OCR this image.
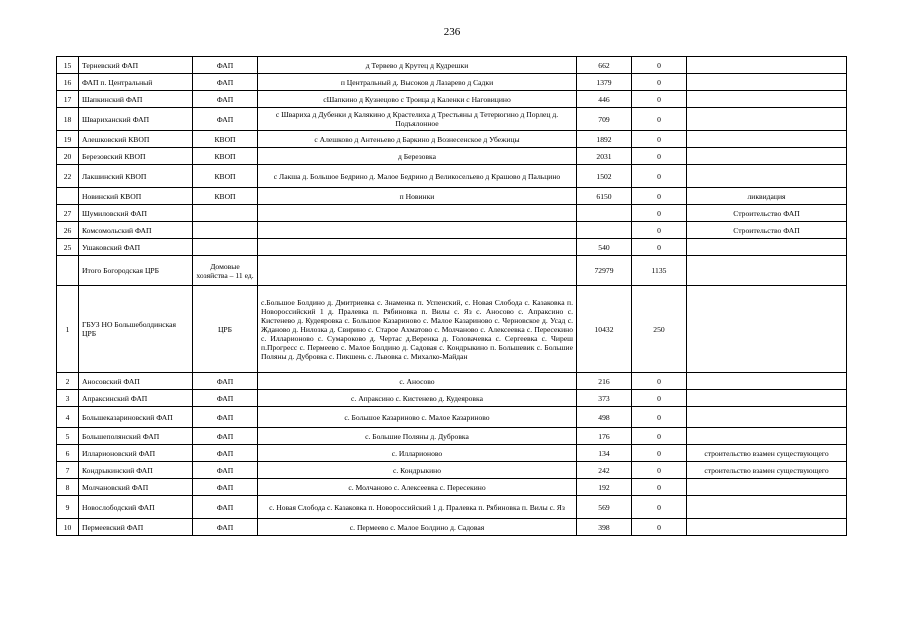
236
15	Терневский ФАП	ФАП	д Тервево д Крутец д Кудрешки	662	0	
16	ФАП п. Центральный	ФАП	п Центральный д. Высоков д Лазарево д Садки	1379	0	
17	Шапкинский ФАП	ФАП	сШапкино д Кузнецово с Троица д Каленки с Наговицино	446	0	
18	Швариханский ФАП	ФАП	с Швариха д Дубенки д Калякино д Крастелиха д Трестьяны д Тетерюгино д Порлец д. Подъялонное	709	0	
19	Алешковский КВОП	КВОП	с Алешково д Антеньево д Баркино д Вознесенское д Убежицы	1892	0	
20	Березовский КВОП	КВОП	д Березовка	2031	0	
22	Лакшинский КВОП	КВОП	с Лакша д. Большое Бедрино д. Малое Бедрино д Великосельево д Крашово д Пальцино	1502	0	
	Новинский КВОП	КВОП	п Новинки	6150	0	ликвидация
27	Шумиловский ФАП				0	Строительство ФАП
26	Комсомольский ФАП				0	Строительство ФАП
25	Ушаковский ФАП			540	0	
	Итого Богородская ЦРБ	Домовые хозяйства – 11 ед.		72979	1135	
1	ГБУЗ НО Большеболдинская ЦРБ	ЦРБ	с.Большое Болдино д. Дмитриевка с. Знаменка п. Успенский, с. Новая Слобода с. Казаковка п. Новороссийский 1 д. Пралевка п. Рябиновка п. Вилы с. Яз с. Аносово с. Апраксино с. Кистенево д. Кудеяровка с. Большое Казариново с. Малое Казариново с. Черновское д. Усад с. Жданово д. Нилозка д. Свирино с. Старое Ахматово с. Молчаново с. Алексеевка с. Пересекино с. Илларионово с. Сумароково д. Чертас д.Веренка д. Головачевка с. Сергеевка с. Чиреш п.Прогресс с. Пермеево с. Малое Болдино д. Садовая с. Кондрыкино п. Большевик с. Большие Поляны д. Дубровка с. Пикшень с. Львовка с. Михалко-Майдан	10432	250	
2	Аносовский ФАП	ФАП	с. Аносово	216	0	
3	Апраксинский ФАП	ФАП	с. Апраксино с. Кистенево д. Кудеяровка	373	0	
4	Большеказариновский ФАП	ФАП	с. Большое Казариново с. Малое Казариново	498	0	
5	Большеполянский ФАП	ФАП	с. Большие Поляны д. Дубровка	176	0	
6	Илларионовский ФАП	ФАП	с. Илларионово	134	0	строительство взамен существующего
7	Кондрыкинский ФАП	ФАП	с. Кондрыкино	242	0	строительство взамен существующего
8	Молчановский ФАП	ФАП	с. Молчаново с. Алексеевка с. Пересекино	192	0	
9	Новослободский ФАП	ФАП	с. Новая Слобода с. Казаковка п. Новороссийский 1 д. Пралевка п. Рябиновка п. Вилы с. Яз	569	0	
10	Пермеевский ФАП	ФАП	с. Пермеево с. Малое Болдино д. Садовая	398	0	
